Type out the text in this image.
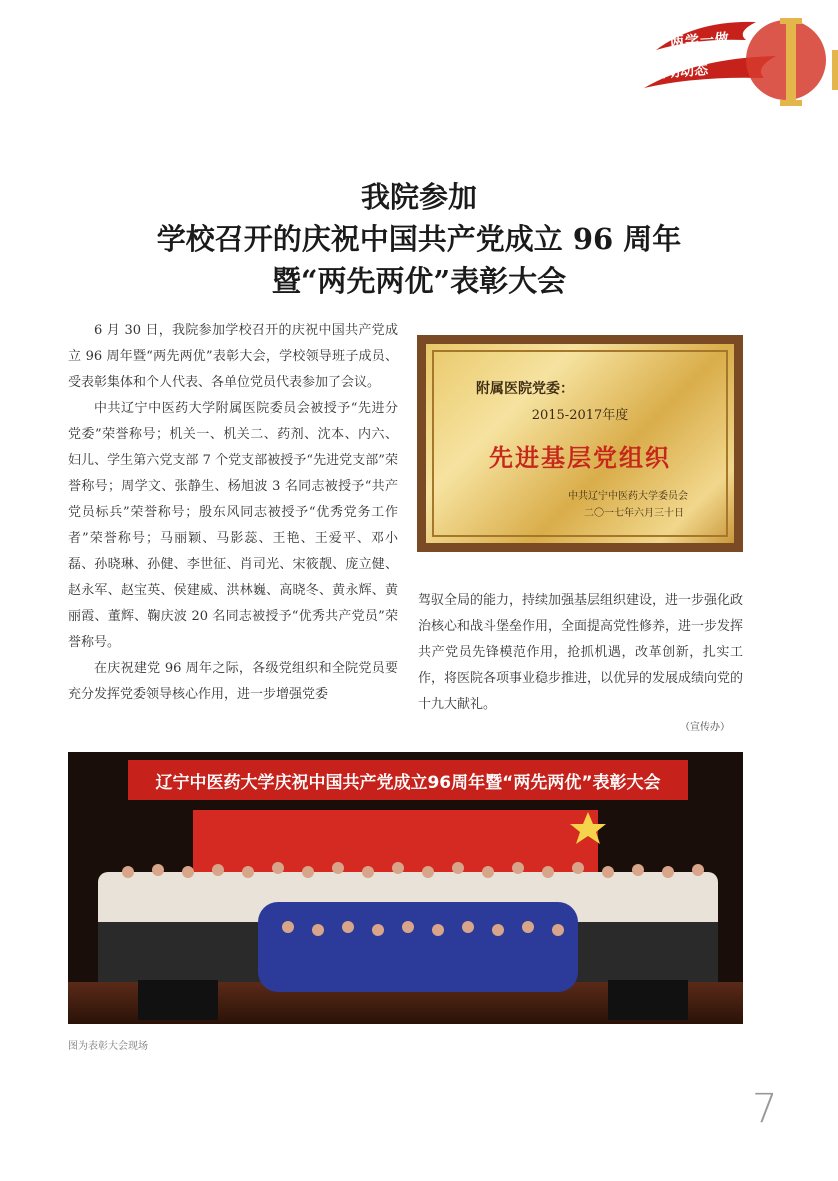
两学一做
活动动态
我院参加
学校召开的庆祝中国共产党成立 96 周年
暨“两先两优”表彰大会

6 月 30 日，我院参加学校召开的庆祝中国共产党成立 96 周年暨“两先两优”表彰大会，学校领导班子成员、受表彰集体和个人代表、各单位党员代表参加了会议。

中共辽宁中医药大学附属医院委员会被授予“先进分党委”荣誉称号；机关一、机关二、药剂、沈本、内六、妇儿、学生第六党支部 7 个党支部被授予“先进党支部”荣誉称号；周学文、张静生、杨旭波 3 名同志被授予“共产党员标兵”荣誉称号；殷东风同志被授予“优秀党务工作者”荣誉称号；马丽颖、马影蕊、王艳、王爱平、邓小磊、孙晓琳、孙健、李世征、肖司光、宋筱靓、庞立健、赵永军、赵宝英、侯建威、洪林巍、高晓冬、黄永辉、黄丽霞、董辉、鞠庆波 20 名同志被授予“优秀共产党员”荣誉称号。

在庆祝建党 96 周年之际，各级党组织和全院党员要充分发挥党委领导核心作用，进一步增强党委

附属医院党委：
2015-2017年度
先进基层党组织
中共辽宁中医药大学委员会
二〇一七年六月三十日

驾驭全局的能力，持续加强基层组织建设，进一步强化政治核心和战斗堡垒作用，全面提高党性修养，进一步发挥共产党员先锋模范作用，抢抓机遇，改革创新，扎实工作，将医院各项事业稳步推进，以优异的发展成绩向党的十九大献礼。

（宣传办）
辽宁中医药大学庆祝中国共产党成立96周年暨“两先两优”表彰大会
图为表彰大会现场
7
